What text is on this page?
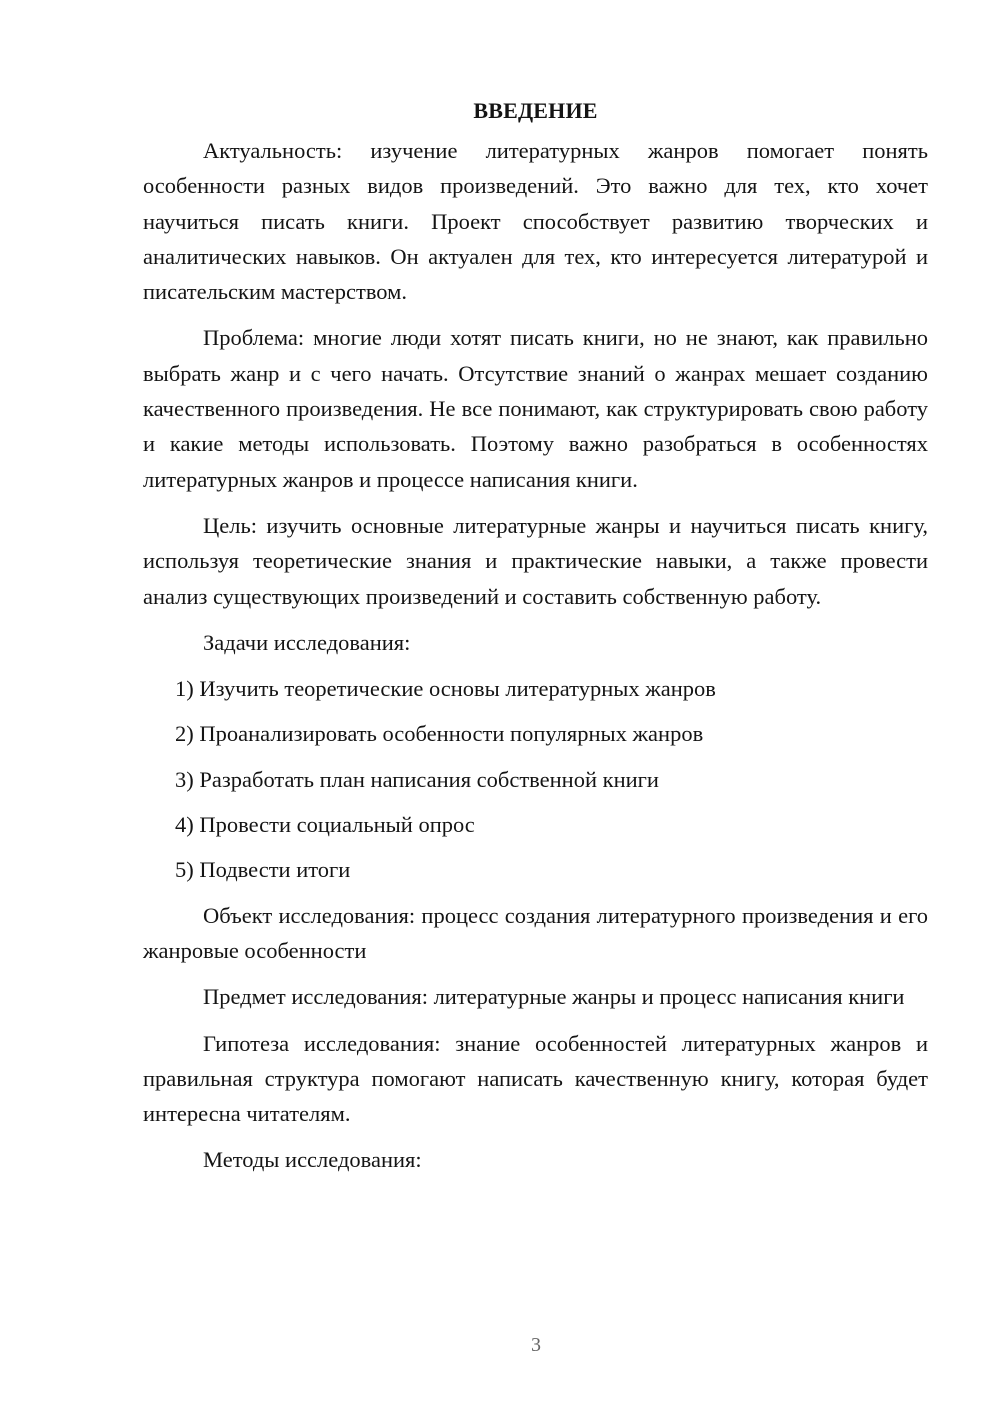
ВВЕДЕНИЕ

Актуальность: изучение литературных жанров помогает понять особенности разных видов произведений. Это важно для тех, кто хочет научиться писать книги. Проект способствует развитию творческих и аналитических навыков. Он актуален для тех, кто интересуется литературой и писательским мастерством.

Проблема: многие люди хотят писать книги, но не знают, как правильно выбрать жанр и с чего начать. Отсутствие знаний о жанрах мешает созданию качественного произведения. Не все понимают, как структурировать свою работу и какие методы использовать. Поэтому важно разобраться в особенностях литературных жанров и процессе написания книги.

Цель: изучить основные литературные жанры и научиться писать книгу, используя теоретические знания и практические навыки, а также провести анализ существующих произведений и составить собственную работу.

Задачи исследования:

1) Изучить теоретические основы литературных жанров
2) Проанализировать особенности популярных жанров
3) Разработать план написания собственной книги
4) Провести социальный опрос
5) Подвести итоги

Объект исследования: процесс создания литературного произведения и его жанровые особенности

Предмет исследования: литературные жанры и процесс написания книги

Гипотеза исследования: знание особенностей литературных жанров и правильная структура помогают написать качественную книгу, которая будет интересна читателям.

Методы исследования:

3
